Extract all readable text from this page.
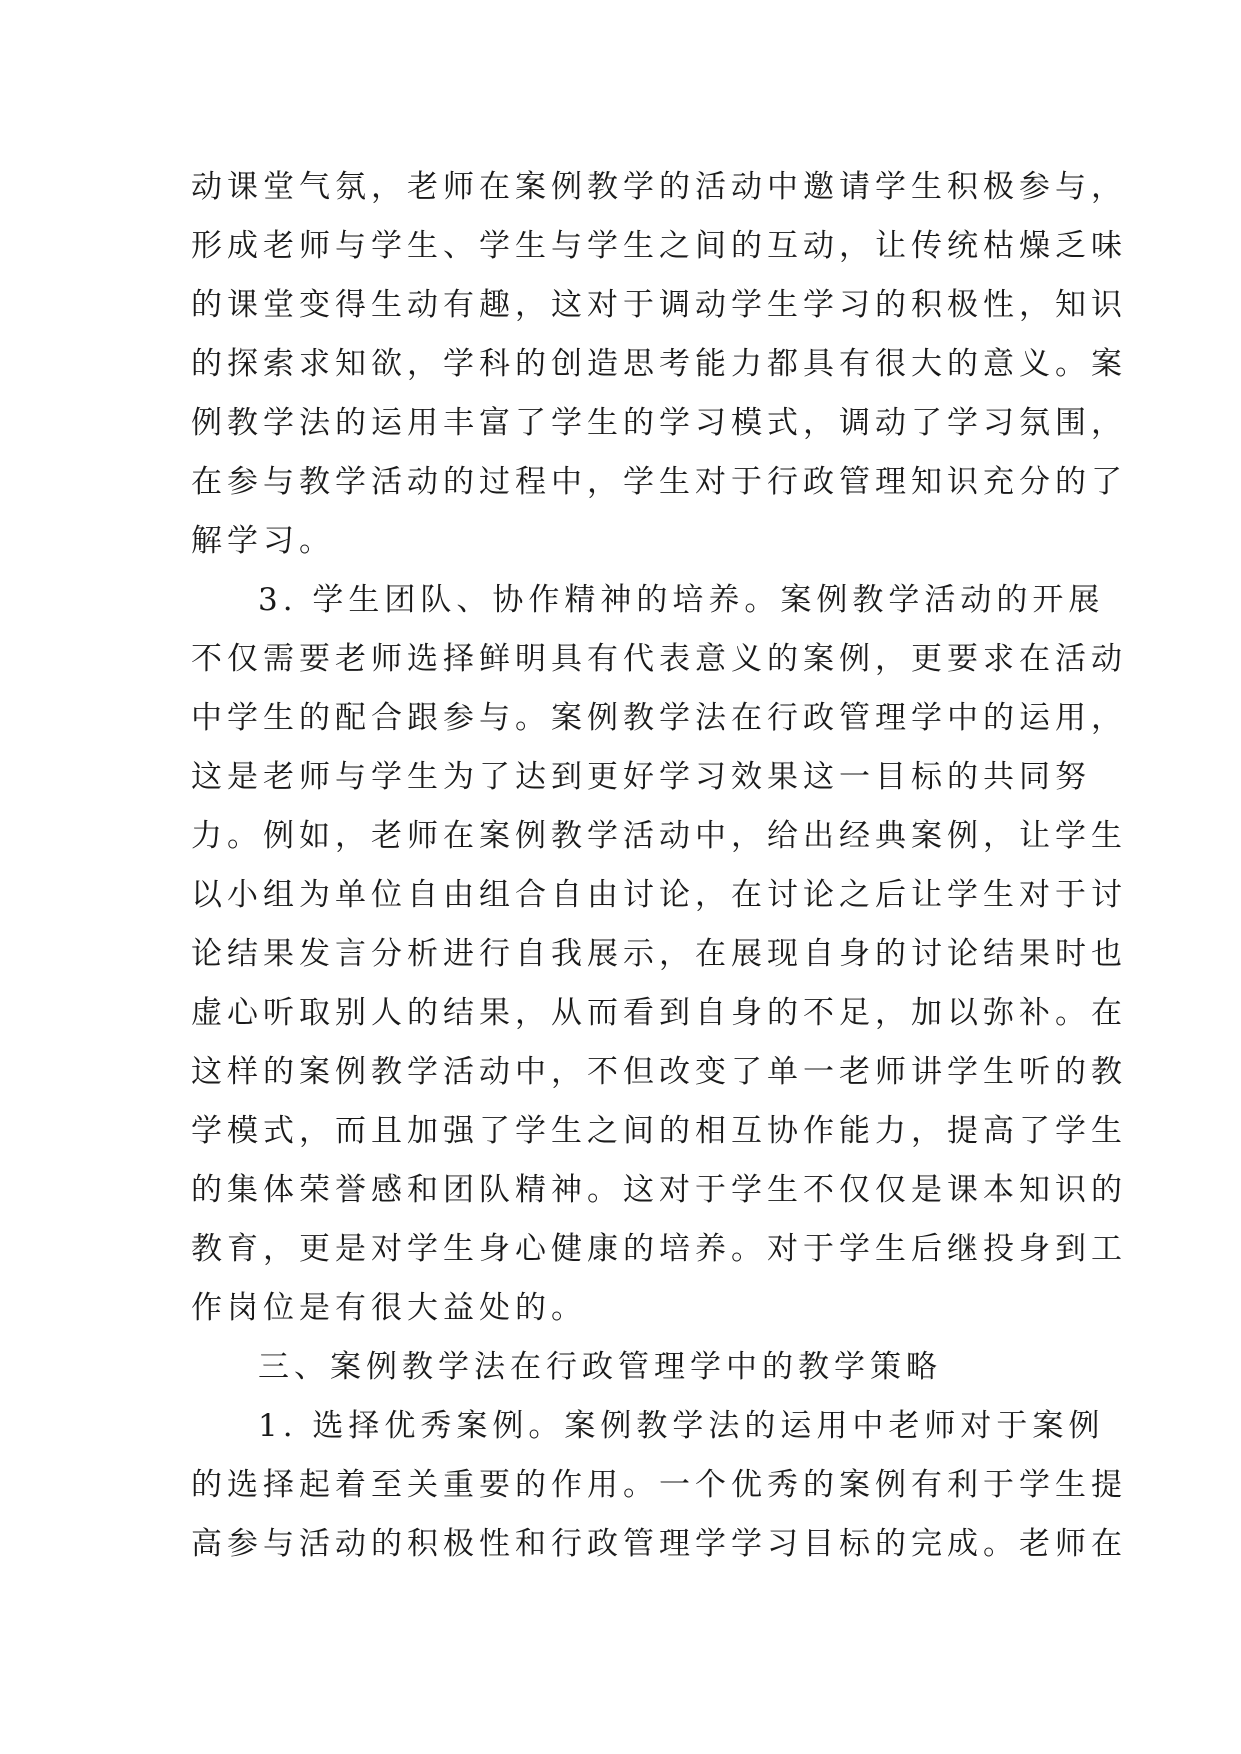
动课堂气氛，老师在案例教学的活动中邀请学生积极参与，
形成老师与学生、学生与学生之间的互动，让传统枯燥乏味
的课堂变得生动有趣，这对于调动学生学习的积极性，知识
的探索求知欲，学科的创造思考能力都具有很大的意义。案
例教学法的运用丰富了学生的学习模式，调动了学习氛围，
在参与教学活动的过程中，学生对于行政管理知识充分的了
解学习。
3. 学生团队、协作精神的培养。案例教学活动的开展
不仅需要老师选择鲜明具有代表意义的案例，更要求在活动
中学生的配合跟参与。案例教学法在行政管理学中的运用，
这是老师与学生为了达到更好学习效果这一目标的共同努
力。例如，老师在案例教学活动中，给出经典案例，让学生
以小组为单位自由组合自由讨论，在讨论之后让学生对于讨
论结果发言分析进行自我展示，在展现自身的讨论结果时也
虚心听取别人的结果，从而看到自身的不足，加以弥补。在
这样的案例教学活动中，不但改变了单一老师讲学生听的教
学模式，而且加强了学生之间的相互协作能力，提高了学生
的集体荣誉感和团队精神。这对于学生不仅仅是课本知识的
教育，更是对学生身心健康的培养。对于学生后继投身到工
作岗位是有很大益处的。
三、案例教学法在行政管理学中的教学策略
1. 选择优秀案例。案例教学法的运用中老师对于案例
的选择起着至关重要的作用。一个优秀的案例有利于学生提
高参与活动的积极性和行政管理学学习目标的完成。老师在
